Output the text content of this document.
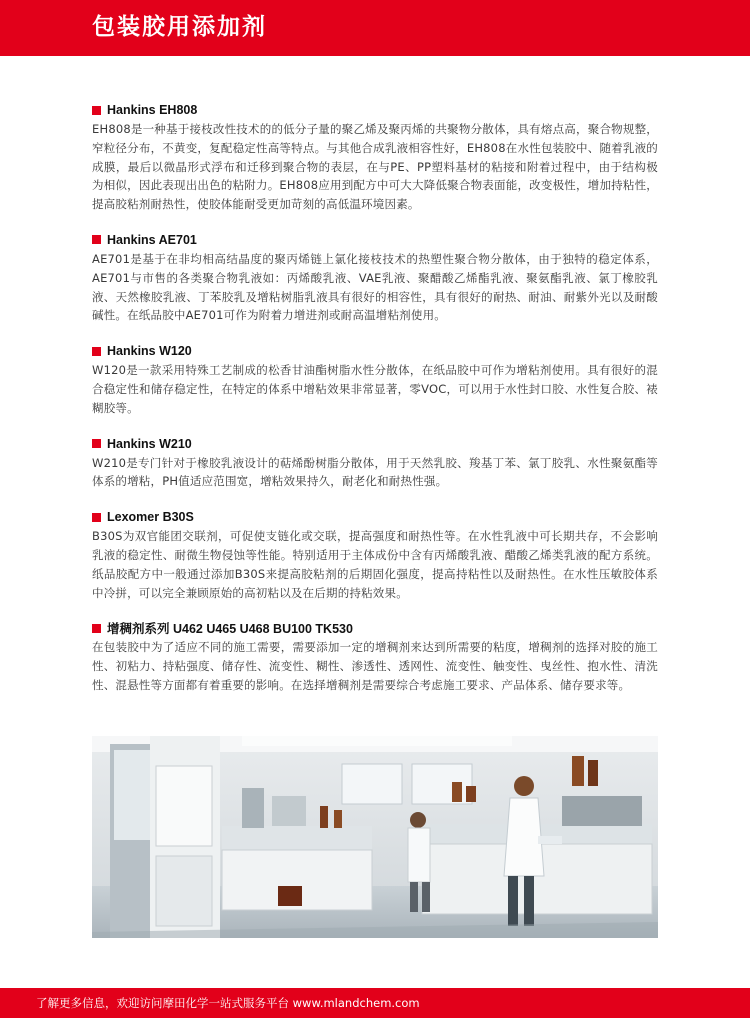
包装胶用添加剂
Hankins EH808
EH808是一种基于接枝改性技术的的低分子量的聚乙烯及聚丙烯的共聚物分散体，具有熔点高，聚合物规整，窄粒径分布，不黄变，复配稳定性高等特点。与其他合成乳液相容性好，EH808在水性包装胶中、随着乳液的成膜，最后以微晶形式浮布和迁移到聚合物的表层，在与PE、PP塑料基材的粘接和附着过程中，由于结构极为相似，因此表现出出色的粘附力。EH808应用到配方中可大大降低聚合物表面能，改变极性，增加持粘性，提高胶粘剂耐热性，使胶体能耐受更加苛刻的高低温环境因素。
Hankins AE701
AE701是基于在非均相高结晶度的聚丙烯链上氯化接枝技术的热塑性聚合物分散体，由于独特的稳定体系，AE701与市售的各类聚合物乳液如：丙烯酸乳液、VAE乳液、聚醋酸乙烯酯乳液、聚氨酯乳液、氯丁橡胶乳液、天然橡胶乳液、丁苯胶乳及增粘树脂乳液具有很好的相容性，具有很好的耐热、耐油、耐紫外光以及耐酸碱性。在纸品胶中AE701可作为附着力增进剂或耐高温增粘剂使用。
Hankins W120
W120是一款采用特殊工艺制成的松香甘油酯树脂水性分散体，在纸品胶中可作为增粘剂使用。具有很好的混合稳定性和储存稳定性，在特定的体系中增粘效果非常显著，零VOC，可以用于水性封口胶、水性复合胶、裱糊胶等。
Hankins W210
W210是专门针对于橡胶乳液设计的萜烯酚树脂分散体，用于天然乳胶、羧基丁苯、氯丁胶乳、水性聚氨酯等体系的增粘，PH值适应范围宽，增粘效果持久，耐老化和耐热性强。
Lexomer B30S
B30S为双官能团交联剂，可促使支链化或交联，提高强度和耐热性等。在水性乳液中可长期共存，不会影响乳液的稳定性、耐微生物侵蚀等性能。特别适用于主体成份中含有丙烯酸乳液、醋酸乙烯类乳液的配方系统。纸品胶配方中一般通过添加B30S来提高胶粘剂的后期固化强度，提高持粘性以及耐热性。在水性压敏胶体系中冷拼，可以完全兼顾原始的高初粘以及在后期的持粘效果。
增稠剂系列 U462 U465 U468 BU100 TK530
在包装胶中为了适应不同的施工需要，需要添加一定的增稠剂来达到所需要的粘度，增稠剂的选择对胶的施工性、初粘力、持粘强度、储存性、流变性、糊性、渗透性、透网性、流变性、触变性、曳丝性、抱水性、清洗性、混悬性等方面都有着重要的影响。在选择增稠剂是需要综合考虑施工要求、产品体系、储存要求等。
了解更多信息，欢迎访问摩田化学一站式服务平台 www.mlandchem.com
